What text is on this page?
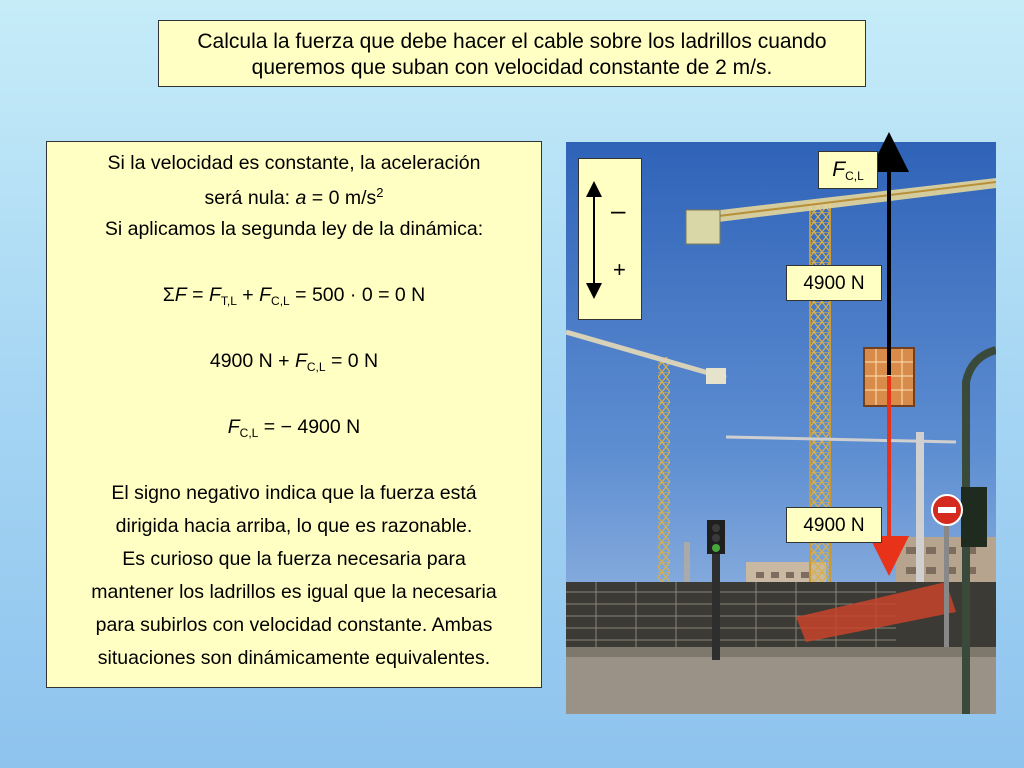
Calcula la fuerza que debe hacer el cable sobre los ladrillos cuando
queremos que suban con velocidad constante de 2 m/s.
Si la velocidad es constante, la aceleración
será nula: a = 0 $m/s^2$
Si aplicamos la segunda ley de la dinámica:
$\Sigma F = F_{T,L} + F_{C,L} = 500 \cdot 0 = 0$ N
4900 $N + F_{C,L} = 0$ N
$F_{C,L}$ = − 4900 N
El signo negativo indica que la fuerza está
dirigida hacia arriba, lo que es razonable.
Es curioso que la fuerza necesaria para
mantener los ladrillos es igual que la necesaria
para subirlos con velocidad constante. Ambas
situaciones son dinámicamente equivalentes.
–
+
$F_{C,L}$
4900 N
4900 N
